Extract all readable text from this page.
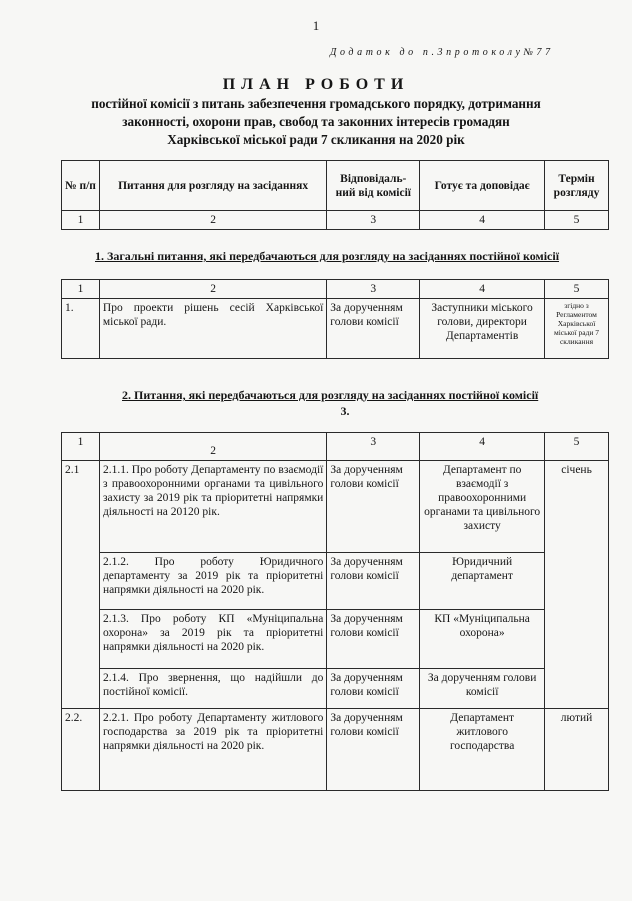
1
Додаток до п.3протоколу№77
ПЛАН РОБОТИ
постійної комісії з питань забезпечення громадського порядку, дотримання
законності, охорони прав, свобод та законних інтересів громадян
Харківської міської ради 7 скликання на 2020 рік
№ п/п	Питання для розгляду на засіданнях	Відповідаль-ний від комісії	Готує та доповідає	Термін розгляду
1	2	3	4	5
1. Загальні питання, які передбачаються для розгляду на засіданнях постійної комісії
1	2	3	4	5
1.	Про проекти рішень сесій Харківської міської ради.	За дорученням голови комісії	Заступники міського голови, директори Департаментів	згідно з Регламентом Харківської міської ради 7 скликання
2. Питання, які передбачаються для розгляду на засіданнях постійної комісії
3.
1	2	3	4	5
2.1	2.1.1. Про роботу Департаменту по взаємодії з правоохоронними органами та цивільного захисту за 2019 рік та пріоритетні напрямки діяльності на 20120 рік.	За дорученням голови комісії	Департамент по взаємодії з правоохоронними органами та цивільного захисту	січень
	2.1.2. Про роботу Юридичного департаменту за 2019 рік та пріоритетні напрямки діяльності на 2020 рік.	За дорученням голови комісії	Юридичний департамент	
	2.1.3. Про роботу КП «Муніципальна охорона» за 2019 рік та пріоритетні напрямки діяльності на 2020 рік.	За дорученням голови комісії	КП «Муніципальна охорона»	
	2.1.4. Про звернення, що надійшли до постійної комісії.	За дорученням голови комісії	За дорученням голови комісії	
2.2.	2.2.1. Про роботу Департаменту житлового господарства за 2019 рік та пріоритетні напрямки діяльності на 2020 рік.	За дорученням голови комісії	Департамент житлового господарства	лютий
